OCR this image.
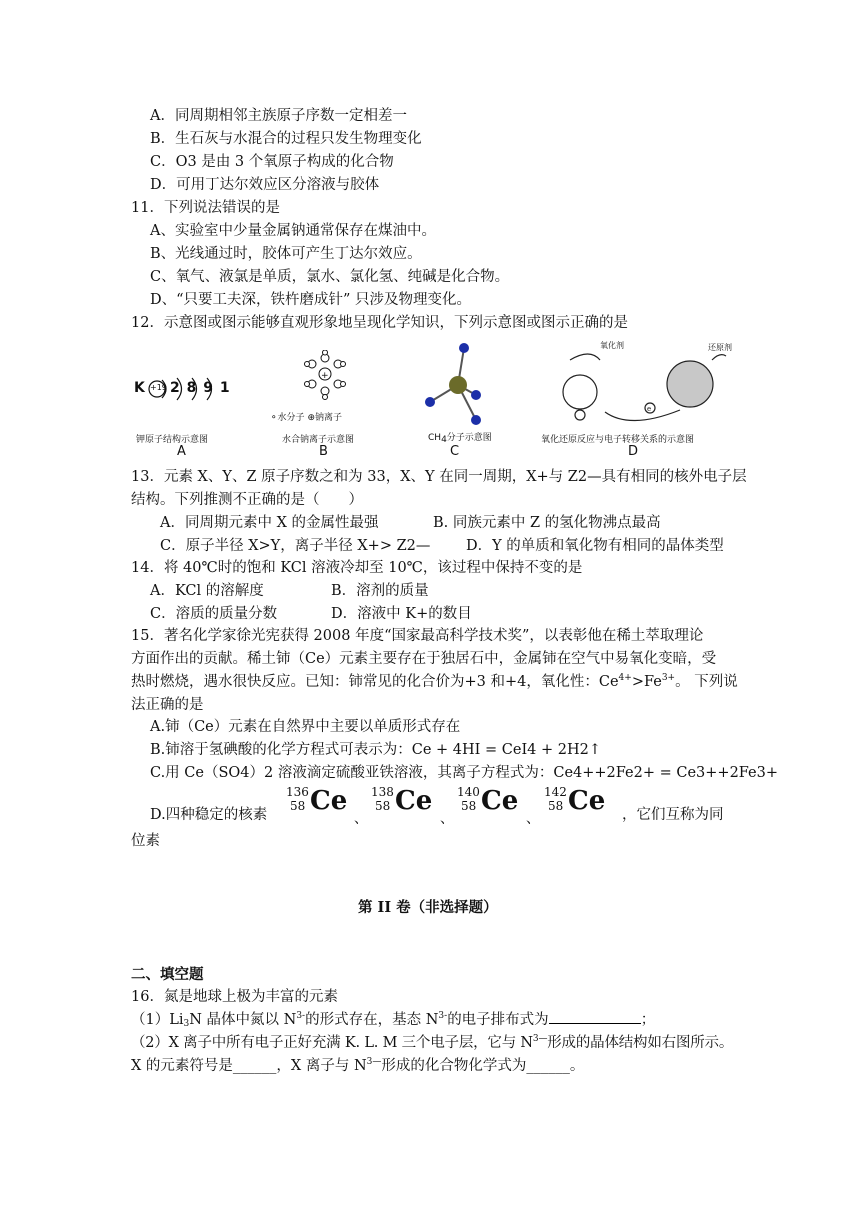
A．同周期相邻主族原子序数一定相差一
B．生石灰与水混合的过程只发生物理变化
C．O3 是由 3 个氧原子构成的化合物
D．可用丁达尔效应区分溶液与胶体
11．下列说法错误的是
A、实验室中少量金属钠通常保存在煤油中。
B、光线通过时，胶体可产生丁达尔效应。
C、氧气、液氯是单质，氯水、氯化氢、纯碱是化合物。
D、“只要工夫深，铁杵磨成针” 只涉及物理变化。
12．示意图或图示能够直观形象地呈现化学知识，下列示意图或图示正确的是
K +19 2 8 9 1
钾原子结构示意图
A
+
⚬水分子 ⊕钠离子
水合钠离子示意图
B
$CH_4$分子示意图
C
e
氧化剂	还原剂
氧化还原反应与电子转移关系的示意图
D
13．元素 X、Y、Z 原子序数之和为 33，X、Y 在同一周期，X+与 Z2—具有相同的核外电子层
结构。下列推测不正确的是（　　）
A．同周期元素中 X 的金属性最强	B. 同族元素中 Z 的氢化物沸点最高
C．原子半径 X>Y，离子半径 X+> Z2— D．Y 的单质和氧化物有相同的晶体类型
14．将 40℃时的饱和 KCl 溶液冷却至 10℃，该过程中保持不变的是
A．KCl 的溶解度	B．溶剂的质量
C．溶质的质量分数	D．溶液中 K+的数目
15．著名化学家徐光宪获得 2008 年度“国家最高科学技术奖”，以表彰他在稀土萃取理论
方面作出的贡献。稀土铈（Ce）元素主要存在于独居石中，金属铈在空气中易氧化变暗，受
热时燃烧，遇水很快反应。已知：铈常见的化合价为+3 和+4，氧化性：$Ce^{4+}>Fe^{3+}$。 下列说
法正确的是
A.铈（Ce）元素在自然界中主要以单质形式存在
B.铈溶于氢碘酸的化学方程式可表示为：Ce + 4HI = CeI4 + 2H2↑
C.用 Ce（SO4）2 溶液滴定硫酸亚铁溶液，其离子方程式为：Ce4++2Fe2+ = Ce3++2Fe3+
D.四种稳定的核素
136
58 Ce
、
138
58 Ce
、
140
58 Ce
、
142
58 Ce ，它们互称为同
位素
第 II 卷（非选择题）
二、填空题
16．氮是地球上极为丰富的元素
$(1)Li_3N$ 晶体中氮以 $N^{3-}$的形式存在，基态 $N^{3-}$的电子排布式为	；
（2）X 离子中所有电子正好充满 K. L. M 三个电子层，它与 $N^{3—}$形成的晶体结构如右图所示。
X 的元素符号是______，X 离子与 $N^{3—}$形成的化合物化学式为______。
